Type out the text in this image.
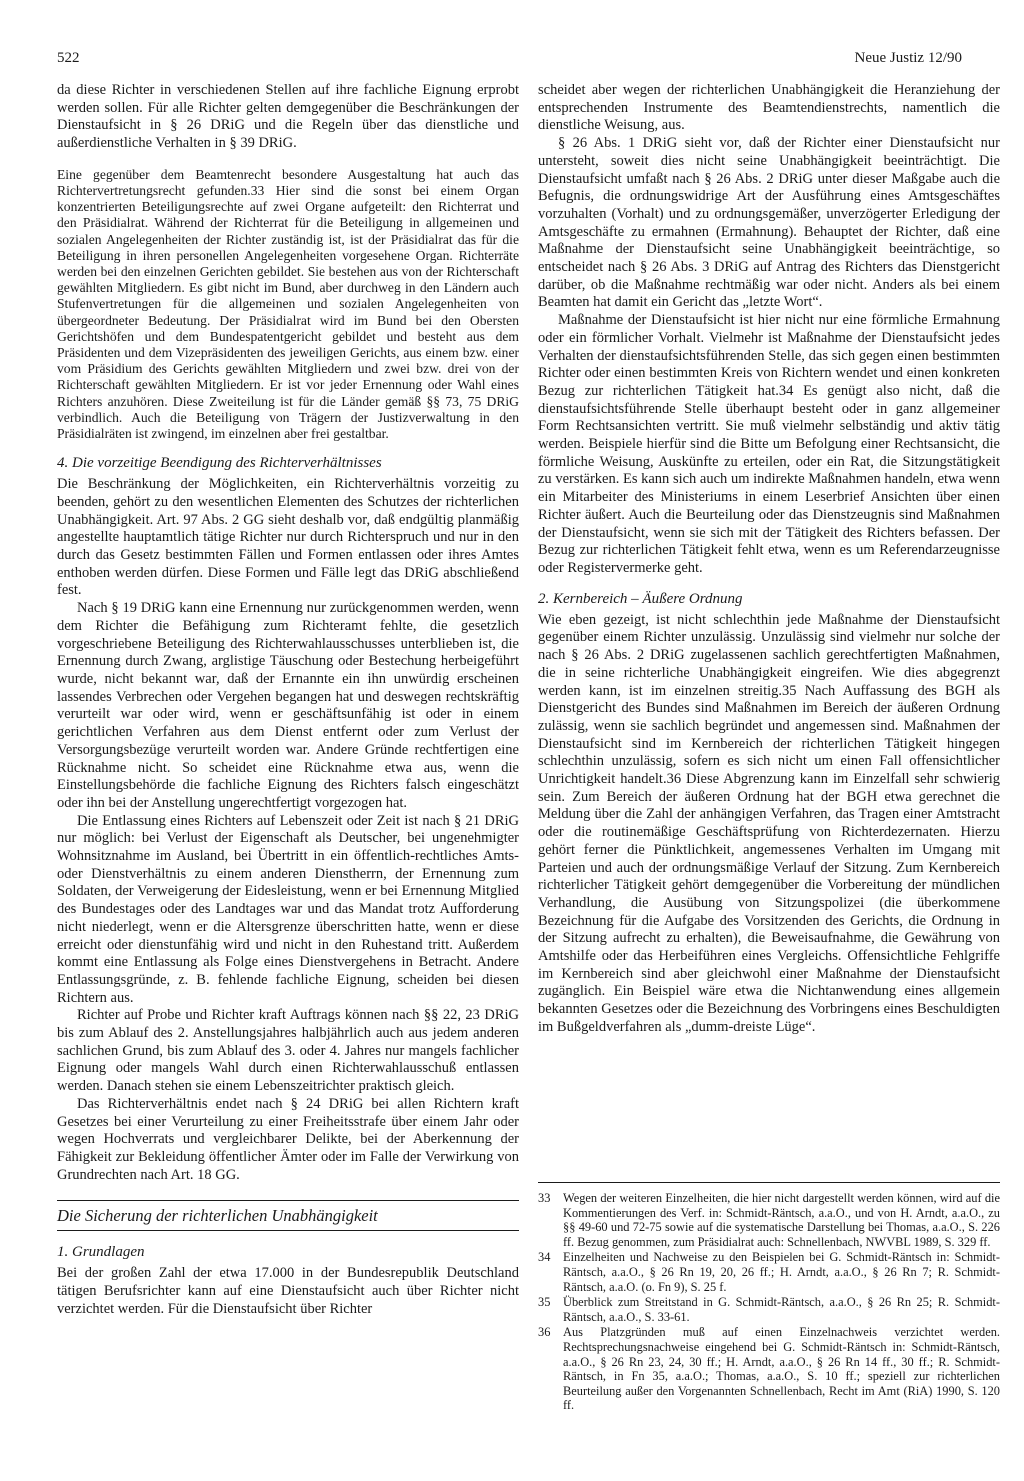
522	Neue Justiz 12/90

da diese Richter in verschiedenen Stellen auf ihre fachliche Eignung erprobt werden sollen. Für alle Richter gelten demgegenüber die Beschränkungen der Dienstaufsicht in § 26 DRiG und die Regeln über das dienstliche und außerdienstliche Verhalten in § 39 DRiG.

Eine gegenüber dem Beamtenrecht besondere Ausgestaltung hat auch das Richtervertretungsrecht gefunden.33 Hier sind die sonst bei einem Organ konzentrierten Beteiligungsrechte auf zwei Organe aufgeteilt: den Richterrat und den Präsidialrat. Während der Richterrat für die Beteiligung in allgemeinen und sozialen Angelegenheiten der Richter zuständig ist, ist der Präsidialrat das für die Beteiligung in ihren personellen Angelegenheiten vorgesehene Organ. Richterräte werden bei den einzelnen Gerichten gebildet. Sie bestehen aus von der Richterschaft gewählten Mitgliedern. Es gibt nicht im Bund, aber durchweg in den Ländern auch Stufenvertretungen für die allgemeinen und sozialen Angelegenheiten von übergeordneter Bedeutung. Der Präsidialrat wird im Bund bei den Obersten Gerichtshöfen und dem Bundespatentgericht gebildet und besteht aus dem Präsidenten und dem Vizepräsidenten des jeweiligen Gerichts, aus einem bzw. einer vom Präsidium des Gerichts gewählten Mitgliedern und zwei bzw. drei von der Richterschaft gewählten Mitgliedern. Er ist vor jeder Ernennung oder Wahl eines Richters anzuhören. Diese Zweiteilung ist für die Länder gemäß §§ 73, 75 DRiG verbindlich. Auch die Beteiligung von Trägern der Justizverwaltung in den Präsidialräten ist zwingend, im einzelnen aber frei gestaltbar.

4. Die vorzeitige Beendigung des Richterverhältnisses

Die Beschränkung der Möglichkeiten, ein Richterverhältnis vorzeitig zu beenden, gehört zu den wesentlichen Elementen des Schutzes der richterlichen Unabhängigkeit. Art. 97 Abs. 2 GG sieht deshalb vor, daß endgültig planmäßig angestellte hauptamtlich tätige Richter nur durch Richterspruch und nur in den durch das Gesetz bestimmten Fällen und Formen entlassen oder ihres Amtes enthoben werden dürfen. Diese Formen und Fälle legt das DRiG abschließend fest.

Nach § 19 DRiG kann eine Ernennung nur zurückgenommen werden, wenn dem Richter die Befähigung zum Richteramt fehlte, die gesetzlich vorgeschriebene Beteiligung des Richterwahlausschusses unterblieben ist, die Ernennung durch Zwang, arglistige Täuschung oder Bestechung herbeigeführt wurde, nicht bekannt war, daß der Ernannte ein ihn unwürdig erscheinen lassendes Verbrechen oder Vergehen begangen hat und deswegen rechtskräftig verurteilt war oder wird, wenn er geschäftsunfähig ist oder in einem gerichtlichen Verfahren aus dem Dienst entfernt oder zum Verlust der Versorgungsbezüge verurteilt worden war. Andere Gründe rechtfertigen eine Rücknahme nicht. So scheidet eine Rücknahme etwa aus, wenn die Einstellungsbehörde die fachliche Eignung des Richters falsch eingeschätzt oder ihn bei der Anstellung ungerechtfertigt vorgezogen hat.

Die Entlassung eines Richters auf Lebenszeit oder Zeit ist nach § 21 DRiG nur möglich: bei Verlust der Eigenschaft als Deutscher, bei ungenehmigter Wohnsitznahme im Ausland, bei Übertritt in ein öffentlich-rechtliches Amts- oder Dienstverhältnis zu einem anderen Dienstherrn, der Ernennung zum Soldaten, der Verweigerung der Eidesleistung, wenn er bei Ernennung Mitglied des Bundestages oder des Landtages war und das Mandat trotz Aufforderung nicht niederlegt, wenn er die Altersgrenze überschritten hatte, wenn er diese erreicht oder dienstunfähig wird und nicht in den Ruhestand tritt. Außerdem kommt eine Entlassung als Folge eines Dienstvergehens in Betracht. Andere Entlassungsgründe, z. B. fehlende fachliche Eignung, scheiden bei diesen Richtern aus.

Richter auf Probe und Richter kraft Auftrags können nach §§ 22, 23 DRiG bis zum Ablauf des 2. Anstellungsjahres halbjährlich auch aus jedem anderen sachlichen Grund, bis zum Ablauf des 3. oder 4. Jahres nur mangels fachlicher Eignung oder mangels Wahl durch einen Richterwahlausschuß entlassen werden. Danach stehen sie einem Lebenszeitrichter praktisch gleich.

Das Richterverhältnis endet nach § 24 DRiG bei allen Richtern kraft Gesetzes bei einer Verurteilung zu einer Freiheitsstrafe über einem Jahr oder wegen Hochverrats und vergleichbarer Delikte, bei der Aberkennung der Fähigkeit zur Bekleidung öffentlicher Ämter oder im Falle der Verwirkung von Grundrechten nach Art. 18 GG.

Die Sicherung der richterlichen Unabhängigkeit
1. Grundlagen

Bei der großen Zahl der etwa 17.000 in der Bundesrepublik Deutschland tätigen Berufsrichter kann auf eine Dienstaufsicht auch über Richter nicht verzichtet werden. Für die Dienstaufsicht über Richter

scheidet aber wegen der richterlichen Unabhängigkeit die Heranziehung der entsprechenden Instrumente des Beamtendienstrechts, namentlich die dienstliche Weisung, aus.

§ 26 Abs. 1 DRiG sieht vor, daß der Richter einer Dienstaufsicht nur untersteht, soweit dies nicht seine Unabhängigkeit beeinträchtigt. Die Dienstaufsicht umfaßt nach § 26 Abs. 2 DRiG unter dieser Maßgabe auch die Befugnis, die ordnungswidrige Art der Ausführung eines Amtsgeschäftes vorzuhalten (Vorhalt) und zu ordnungsgemäßer, unverzögerter Erledigung der Amtsgeschäfte zu ermahnen (Ermahnung). Behauptet der Richter, daß eine Maßnahme der Dienstaufsicht seine Unabhängigkeit beeinträchtige, so entscheidet nach § 26 Abs. 3 DRiG auf Antrag des Richters das Dienstgericht darüber, ob die Maßnahme rechtmäßig war oder nicht. Anders als bei einem Beamten hat damit ein Gericht das „letzte Wort“.

Maßnahme der Dienstaufsicht ist hier nicht nur eine förmliche Ermahnung oder ein förmlicher Vorhalt. Vielmehr ist Maßnahme der Dienstaufsicht jedes Verhalten der dienstaufsichtsführenden Stelle, das sich gegen einen bestimmten Richter oder einen bestimmten Kreis von Richtern wendet und einen konkreten Bezug zur richterlichen Tätigkeit hat.34 Es genügt also nicht, daß die dienstaufsichtsführende Stelle überhaupt besteht oder in ganz allgemeiner Form Rechtsansichten vertritt. Sie muß vielmehr selbständig und aktiv tätig werden. Beispiele hierfür sind die Bitte um Befolgung einer Rechtsansicht, die förmliche Weisung, Auskünfte zu erteilen, oder ein Rat, die Sitzungstätigkeit zu verstärken. Es kann sich auch um indirekte Maßnahmen handeln, etwa wenn ein Mitarbeiter des Ministeriums in einem Leserbrief Ansichten über einen Richter äußert. Auch die Beurteilung oder das Dienstzeugnis sind Maßnahmen der Dienstaufsicht, wenn sie sich mit der Tätigkeit des Richters befassen. Der Bezug zur richterlichen Tätigkeit fehlt etwa, wenn es um Referendarzeugnisse oder Registervermerke geht.

2. Kernbereich – Äußere Ordnung

Wie eben gezeigt, ist nicht schlechthin jede Maßnahme der Dienstaufsicht gegenüber einem Richter unzulässig. Unzulässig sind vielmehr nur solche der nach § 26 Abs. 2 DRiG zugelassenen sachlich gerechtfertigten Maßnahmen, die in seine richterliche Unabhängigkeit eingreifen. Wie dies abgegrenzt werden kann, ist im einzelnen streitig.35 Nach Auffassung des BGH als Dienstgericht des Bundes sind Maßnahmen im Bereich der äußeren Ordnung zulässig, wenn sie sachlich begründet und angemessen sind. Maßnahmen der Dienstaufsicht sind im Kernbereich der richterlichen Tätigkeit hingegen schlechthin unzulässig, sofern es sich nicht um einen Fall offensichtlicher Unrichtigkeit handelt.36 Diese Abgrenzung kann im Einzelfall sehr schwierig sein. Zum Bereich der äußeren Ordnung hat der BGH etwa gerechnet die Meldung über die Zahl der anhängigen Verfahren, das Tragen einer Amtstracht oder die routinemäßige Geschäftsprüfung von Richterdezernaten. Hierzu gehört ferner die Pünktlichkeit, angemessenes Verhalten im Umgang mit Parteien und auch der ordnungsmäßige Verlauf der Sitzung. Zum Kernbereich richterlicher Tätigkeit gehört demgegenüber die Vorbereitung der mündlichen Verhandlung, die Ausübung von Sitzungspolizei (die überkommene Bezeichnung für die Aufgabe des Vorsitzenden des Gerichts, die Ordnung in der Sitzung aufrecht zu erhalten), die Beweisaufnahme, die Gewährung von Amtshilfe oder das Herbeiführen eines Vergleichs. Offensichtliche Fehlgriffe im Kernbereich sind aber gleichwohl einer Maßnahme der Dienstaufsicht zugänglich. Ein Beispiel wäre etwa die Nichtanwendung eines allgemein bekannten Gesetzes oder die Bezeichnung des Vorbringens eines Beschuldigten im Bußgeldverfahren als „dumm-dreiste Lüge“.

33	Wegen der weiteren Einzelheiten, die hier nicht dargestellt werden können, wird auf die Kommentierungen des Verf. in: Schmidt-Räntsch, a.a.O., und von H. Arndt, a.a.O., zu §§ 49-60 und 72-75 sowie auf die systematische Darstellung bei Thomas, a.a.O., S. 226 ff. Bezug genommen, zum Präsidialrat auch: Schnellenbach, NWVBL 1989, S. 329 ff.
34	Einzelheiten und Nachweise zu den Beispielen bei G. Schmidt-Räntsch in: Schmidt-Räntsch, a.a.O., § 26 Rn 19, 20, 26 ff.; H. Arndt, a.a.O., § 26 Rn 7; R. Schmidt-Räntsch, a.a.O. (o. Fn 9), S. 25 f.
35	Überblick zum Streitstand in G. Schmidt-Räntsch, a.a.O., § 26 Rn 25; R. Schmidt-Räntsch, a.a.O., S. 33-61.
36	Aus Platzgründen muß auf einen Einzelnachweis verzichtet werden. Rechtsprechungsnachweise eingehend bei G. Schmidt-Räntsch in: Schmidt-Räntsch, a.a.O., § 26 Rn 23, 24, 30 ff.; H. Arndt, a.a.O., § 26 Rn 14 ff., 30 ff.; R. Schmidt-Räntsch, in Fn 35, a.a.O.; Thomas, a.a.O., S. 10 ff.; speziell zur richterlichen Beurteilung außer den Vorgenannten Schnellenbach, Recht im Amt (RiA) 1990, S. 120 ff.
